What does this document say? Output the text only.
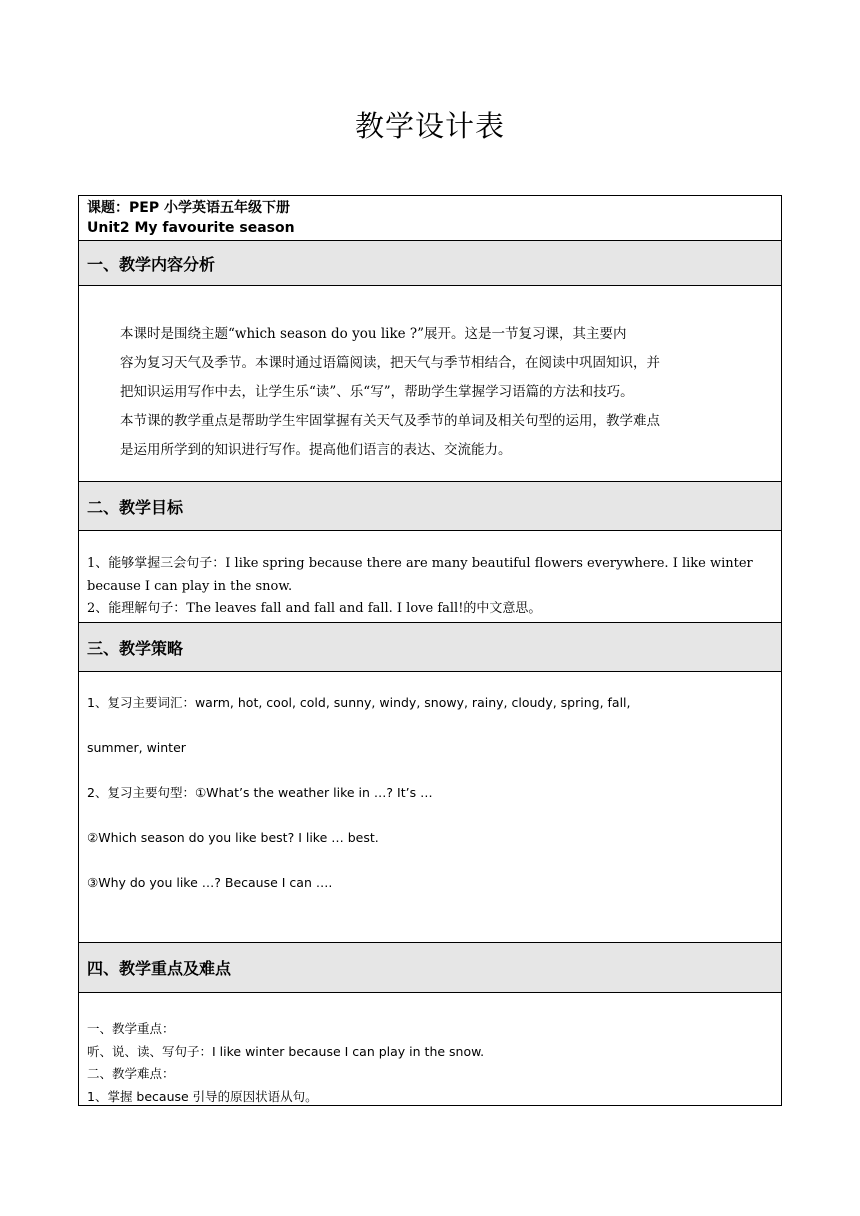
教学设计表
课题：PEP 小学英语五年级下册
Unit2 My favourite season
一、教学内容分析

本课时是围绕主题“which season do you like ?”展开。这是一节复习课，其主要内

容为复习天气及季节。本课时通过语篇阅读，把天气与季节相结合，在阅读中巩固知识，并

把知识运用写作中去，让学生乐“读”、乐“写”，帮助学生掌握学习语篇的方法和技巧。

本节课的教学重点是帮助学生牢固掌握有关天气及季节的单词及相关句型的运用，教学难点

是运用所学到的知识进行写作。提高他们语言的表达、交流能力。

二、教学目标

1、能够掌握三会句子：I like spring because there are many beautiful flowers everywhere. I like winter because I can play in the snow.

2、能理解句子：The leaves fall and fall and fall. I love fall!的中文意思。

三、教学策略

1、复习主要词汇：warm, hot, cool, cold, sunny, windy, snowy, rainy, cloudy, spring, fall,

summer, winter

2、复习主要句型：①What’s the weather like in …? It’s …

②Which season do you like best? I like … best.

③Why do you like …? Because I can ….

四、教学重点及难点

一、教学重点：

听、说、读、写句子：I like winter because I can play in the snow.

二、教学难点：

1、掌握 because 引导的原因状语从句。
